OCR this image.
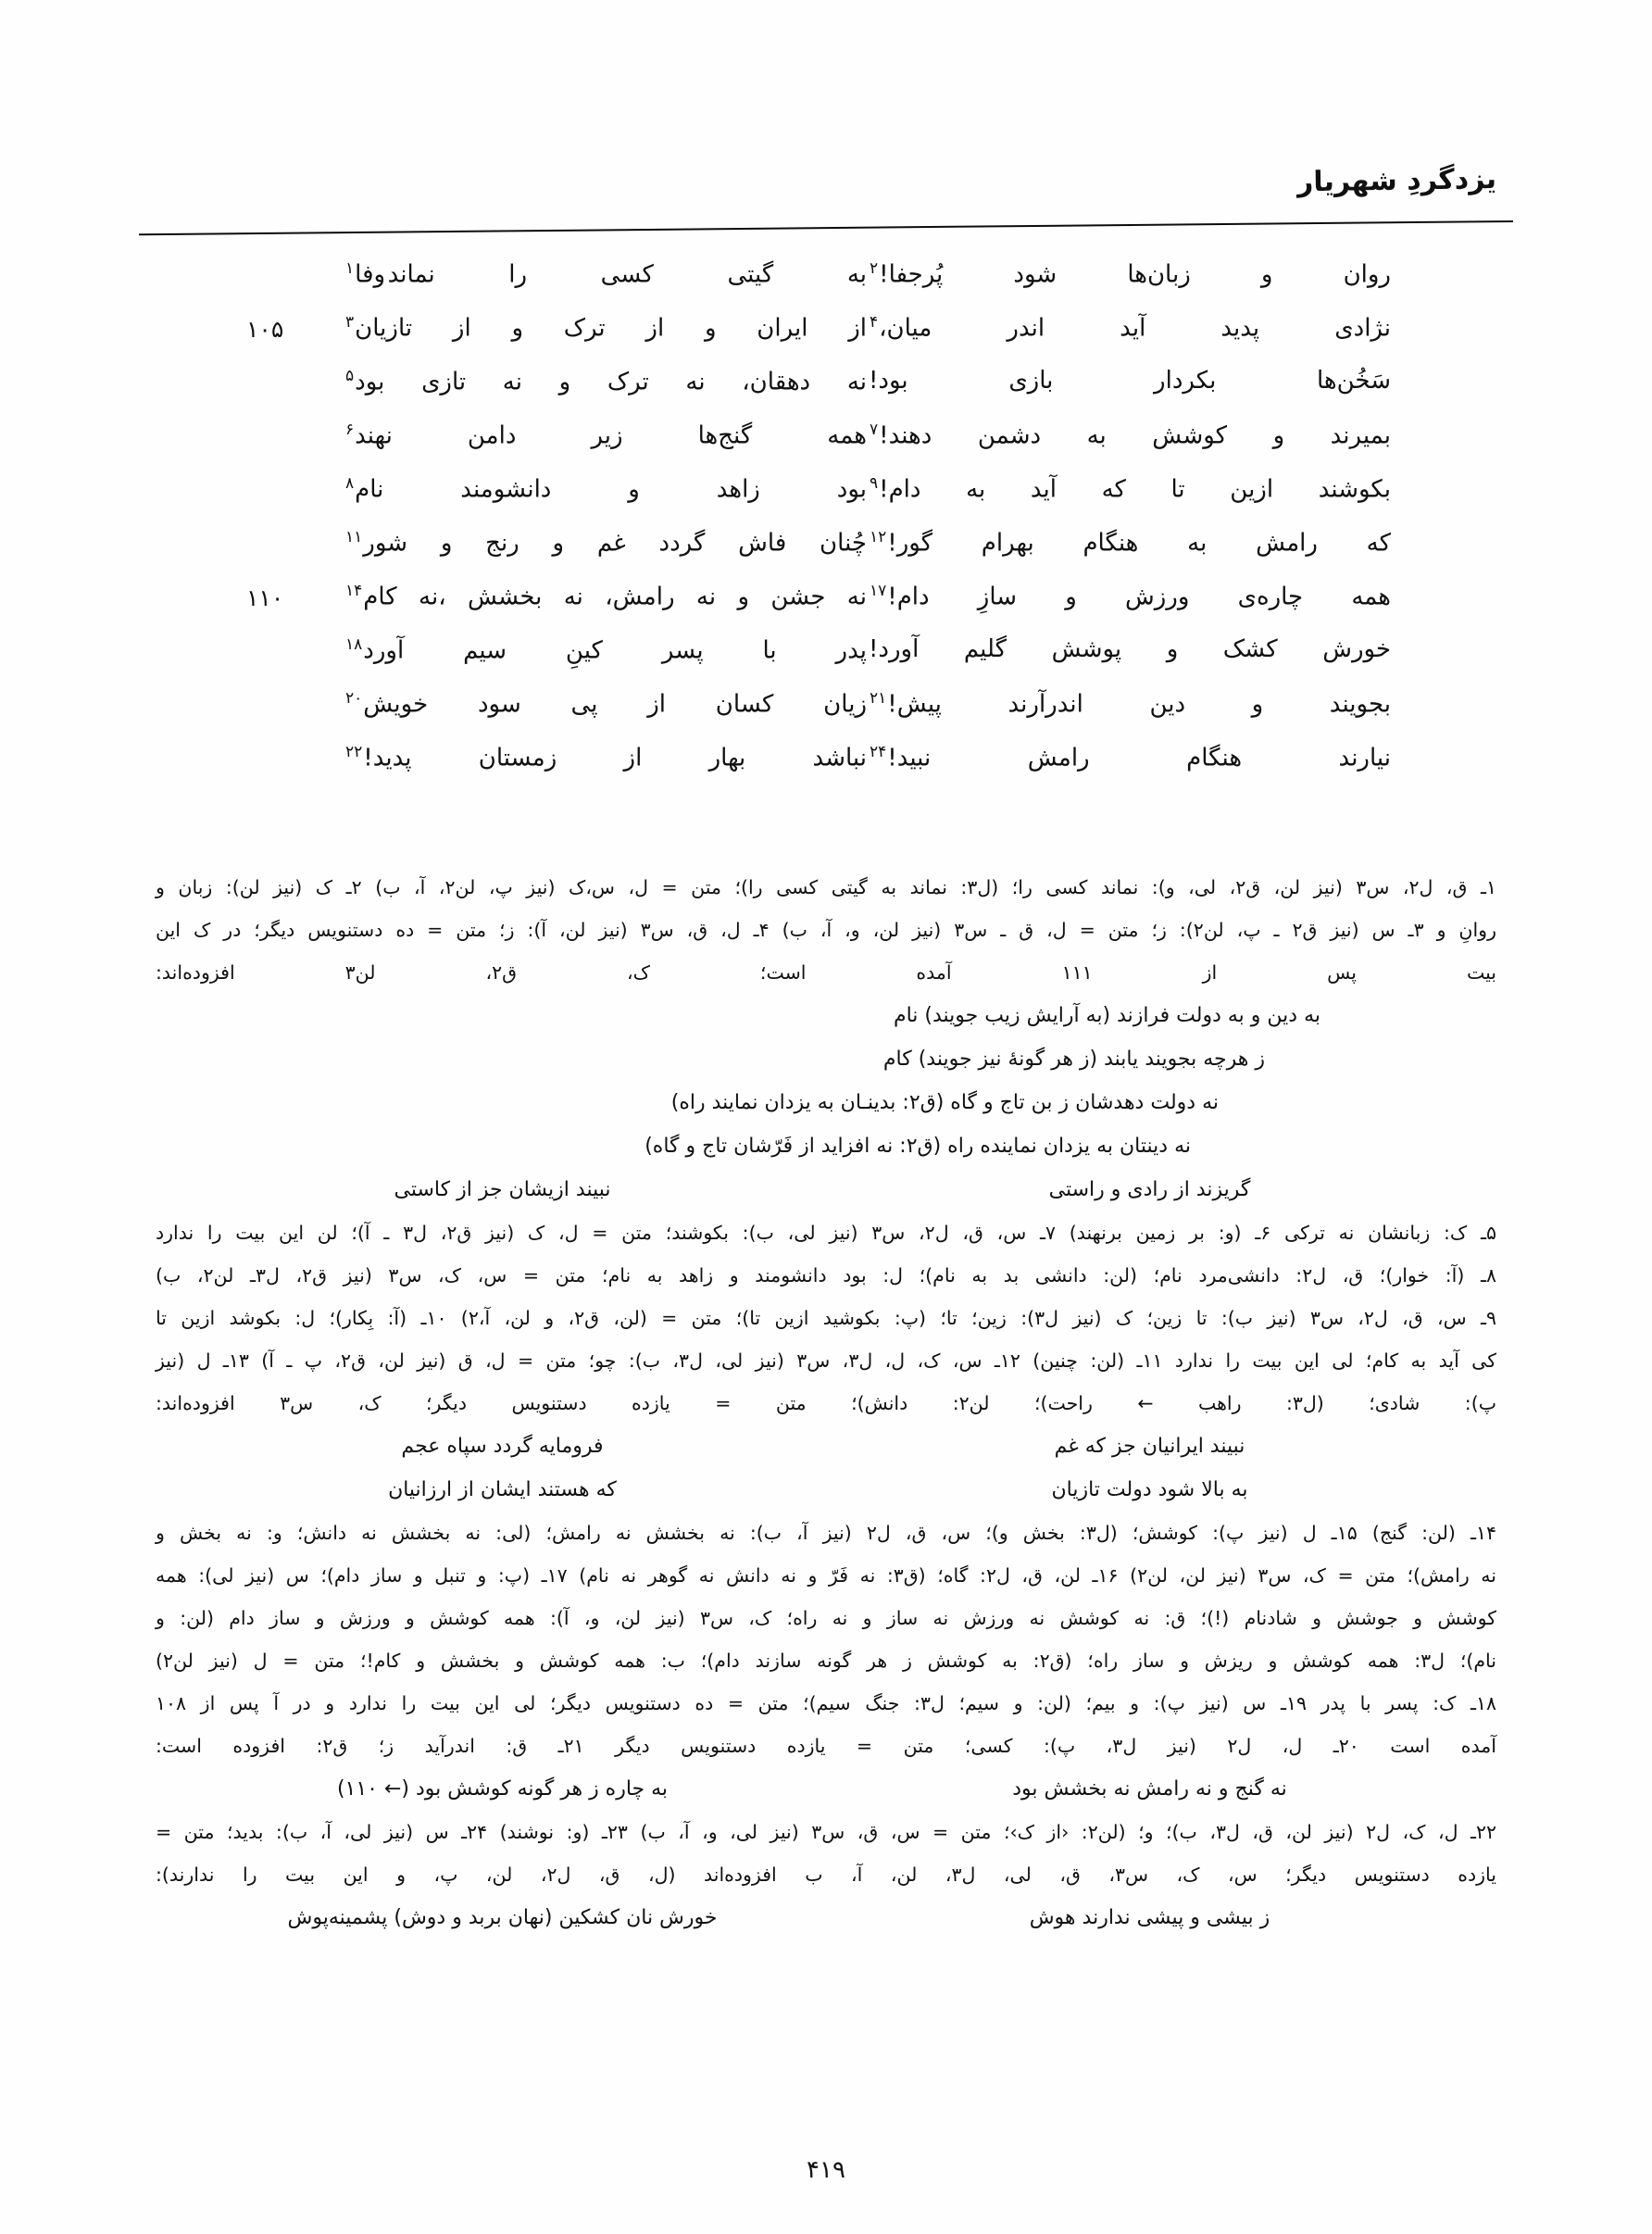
یزدگردِ شهریار
روان و زبان‌ها شود پُرجفا!$^۲$
به گیتی کسی را نماند وفا$^۱$
نژادی پدید آید اندر میان،$^۴$
از ایران و از ترک و از تازیان$^۳$
۱۰۵
سَخُن‌ها بکردار بازی بود!
نه دهقان، نه ترک و نه تازی بود$^۵$
بمیرند و کوشش به دشمن دهند!$^۷$
همه گنج‌ها زیر دامن نهند$^۶$
بکوشند ازین تا که آید به دام!$^۹$
بود زاهد و دانشومند نام$^۸$
که رامش به هنگام بهرام گور!$^{۱۲}$
چُنان فاش گردد غم و رنج و شور$^{۱۱}$
همه چاره‌ی ورزش و سازِ دام!$^{۱۷}$
نه جشن و نه رامش، نه بخشش ،نه کام$^{۱۴}$
۱۱۰
خورش کشک و پوشش گلیم آورد!
پدر با پسر کینِ سیم آورد$^{۱۸}$
بجویند و دین اندرآرند پیش!$^{۲۱}$
زیان کسان از پی سود خویش$^{۲۰}$
نیارند هنگام رامش نبید!$^{۲۴}$
نباشد بهار از زمستان پدید!$^{۲۲}$
۱ـ ق، ل۲، س۳ (نیز لن، ق۲، لی، و): نماند کسی را؛ (ل۳: نماند به گیتی کسی را)؛ متن = ل، س،ک (نیز پ، لن۲، آ، ب) ۲ـ ک (نیز لن): زبان و
روانِ و ۳ـ س (نیز ق۲ ـ پ، لن۲): ز؛ متن = ل، ق ـ س۳ (نیز لن، و، آ، ب) ۴ـ ل، ق، س۳ (نیز لن، آ): ز؛ متن = ده دستنویس دیگر؛ در ک این
بیت پس از ۱۱۱ آمده است؛ ک، ق۲، لن۳ افزوده‌اند:
به دین و به دولت فرازند (به آرایش زیب جویند) نام
ز هرچه بجویند یابند (ز هر گونهٔ نیز جویند) کام
نه دولت دهدشان ز بن تاج و گاه (ق۲: بدینـان به یزدان نمایند راه)
نه دینتان به یزدان نماینده راه (ق۲: نه افزاید از فَرّشان تاج و گاه)
گریزند از رادی و راستی
نبیند ازیشان جز از کاستی
۵ـ ک: زبانشان نه ترکی ۶ـ (و: بر زمین برنهند) ۷ـ س، ق، ل۲، س۳ (نیز لی، ب): بکوشند؛ متن = ل، ک (نیز ق۲، ل۳ ـ آ)؛ لن این بیت را ندارد
۸ـ (آ: خوار)؛ ق، ل۲: دانشی‌مرد نام؛ (لن: دانشی بد به نام)؛ ل: بود دانشومند و زاهد به نام؛ متن = س، ک، س۳ (نیز ق۲، ل۳ـ لن۲، ب)
۹ـ س، ق، ل۲، س۳ (نیز ب): تا زین؛ ک (نیز ل۳): زین؛ تا؛ (پ: بکوشید ازین تا)؛ متن = (لن، ق۲، و لن، آ،۲) ۱۰ـ (آ: بِکار)؛ ل: بکوشد ازین تا
کی آید به کام؛ لی این بیت را ندارد ۱۱ـ (لن: چنین) ۱۲ـ س، ک، ل، ل۳، س۳ (نیز لی، ل۳، ب): چو؛ متن = ل، ق (نیز لن، ق۲، پ ـ آ) ۱۳ـ ل (نیز
پ): شادی؛ (ل۳: راهب ← راحت)؛ لن۲: دانش)؛ متن = یازده دستنویس دیگر؛ ک، س۳ افزوده‌اند:
نبیند ایرانیان جز که غم
فرومایه گردد سپاه عجم
به بالا شود دولت تازیان
که هستند ایشان از ارزانیان
۱۴ـ (لن: گنج) ۱۵ـ ل (نیز پ): کوشش؛ (ل۳: بخش و)؛ س، ق، ل۲ (نیز آ، ب): نه بخشش نه رامش؛ (لی: نه بخشش نه دانش؛ و: نه بخش و
نه رامش)؛ متن = ک، س۳ (نیز لن، لن۲) ۱۶ـ لن، ق، ل۲: گاه؛ (ق۳: نه فَرّ و نه دانش نه گوهر نه نام) ۱۷ـ (پ: و تنبل و ساز دام)؛ س (نیز لی): همه
کوشش و جوشش و شادنام (!)؛ ق: نه کوشش نه ورزش نه ساز و نه راه؛ ک، س۳ (نیز لن، و، آ): همه کوشش و ورزش و ساز دام (لن: و
نام)؛ ل۳: همه کوشش و ریزش و ساز راه؛ (ق۲: به کوشش ز هر گونه سازند دام)؛ ب: همه کوشش و بخشش و کام!؛ متن = ل (نیز لن۲)
۱۸ـ ک: پسر با پدر ۱۹ـ س (نیز پ): و بیم؛ (لن: و سیم؛ ل۳: جنگ سیم)؛ متن = ده دستنویس دیگر؛ لی این بیت را ندارد و در آ پس از ۱۰۸
آمده است ۲۰ـ ل، ل۲ (نیز ل۳، پ): کسی؛ متن = یازده دستنویس دیگر ۲۱ـ ق: اندرآید ز؛ ق۲: افزوده است:
نه گنج و نه رامش نه بخشش بود
به چاره ز هر گونه کوشش بود (← ۱۱۰)
۲۲ـ ل، ک، ل۲ (نیز لن، ق، ل۳، ب)؛ و؛ (لن۲: ‹از ک›؛ متن = س، ق، س۳ (نیز لی، و، آ، ب) ۲۳ـ (و: نوشند) ۲۴ـ س (نیز لی، آ، ب): بدید؛ متن =
یازده دستنویس دیگر؛ س، ک، س۳، ق، لی، ل۳، لن، آ، ب افزوده‌اند (ل، ق، ل۲، لن، پ، و این بیت را ندارند):
ز بیشی و پیشی ندارند هوش
خورش نان کشکین (نهان بربد و دوش) پشمینه‌پوش
۴۱۹
